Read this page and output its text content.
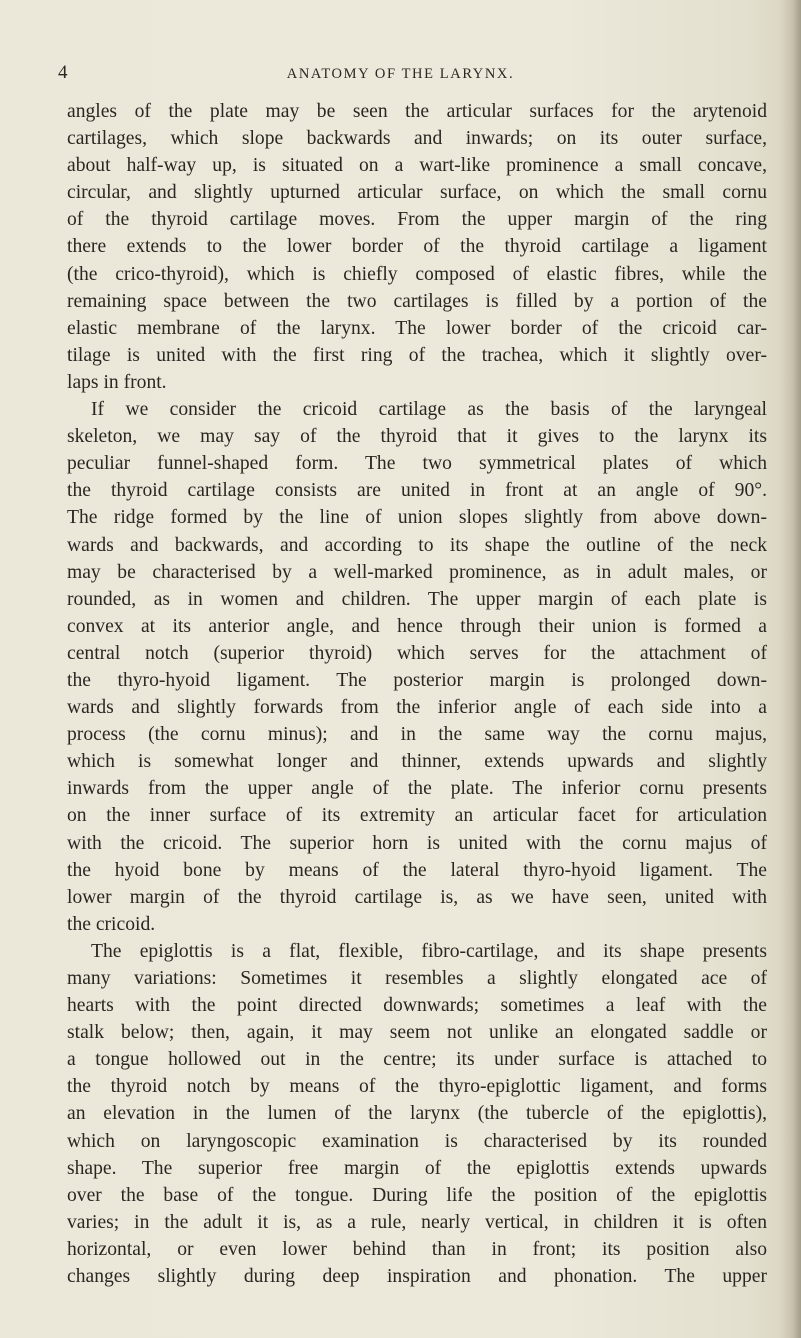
4	ANATOMY OF THE LARYNX.
angles of the plate may be seen the articular surfaces for the arytenoid
cartilages, which slope backwards and inwards; on its outer surface,
about half-way up, is situated on a wart-like prominence a small concave,
circular, and slightly upturned articular surface, on which the small cornu
of the thyroid cartilage moves. From the upper margin of the ring
there extends to the lower border of the thyroid cartilage a ligament
(the crico-thyroid), which is chiefly composed of elastic fibres, while the
remaining space between the two cartilages is filled by a portion of the
elastic membrane of the larynx. The lower border of the cricoid car-
tilage is united with the first ring of the trachea, which it slightly over-
laps in front.
If we consider the cricoid cartilage as the basis of the laryngeal
skeleton, we may say of the thyroid that it gives to the larynx its
peculiar funnel-shaped form. The two symmetrical plates of which
the thyroid cartilage consists are united in front at an angle of 90°.
The ridge formed by the line of union slopes slightly from above down-
wards and backwards, and according to its shape the outline of the neck
may be characterised by a well-marked prominence, as in adult males, or
rounded, as in women and children. The upper margin of each plate is
convex at its anterior angle, and hence through their union is formed a
central notch (superior thyroid) which serves for the attachment of
the thyro-hyoid ligament. The posterior margin is prolonged down-
wards and slightly forwards from the inferior angle of each side into a
process (the cornu minus); and in the same way the cornu majus,
which is somewhat longer and thinner, extends upwards and slightly
inwards from the upper angle of the plate. The inferior cornu presents
on the inner surface of its extremity an articular facet for articulation
with the cricoid. The superior horn is united with the cornu majus of
the hyoid bone by means of the lateral thyro-hyoid ligament. The
lower margin of the thyroid cartilage is, as we have seen, united with
the cricoid.
The epiglottis is a flat, flexible, fibro-cartilage, and its shape presents
many variations: Sometimes it resembles a slightly elongated ace of
hearts with the point directed downwards; sometimes a leaf with the
stalk below; then, again, it may seem not unlike an elongated saddle or
a tongue hollowed out in the centre; its under surface is attached to
the thyroid notch by means of the thyro-epiglottic ligament, and forms
an elevation in the lumen of the larynx (the tubercle of the epiglottis),
which on laryngoscopic examination is characterised by its rounded
shape. The superior free margin of the epiglottis extends upwards
over the base of the tongue. During life the position of the epiglottis
varies; in the adult it is, as a rule, nearly vertical, in children it is often
horizontal, or even lower behind than in front; its position also
changes slightly during deep inspiration and phonation. The upper
